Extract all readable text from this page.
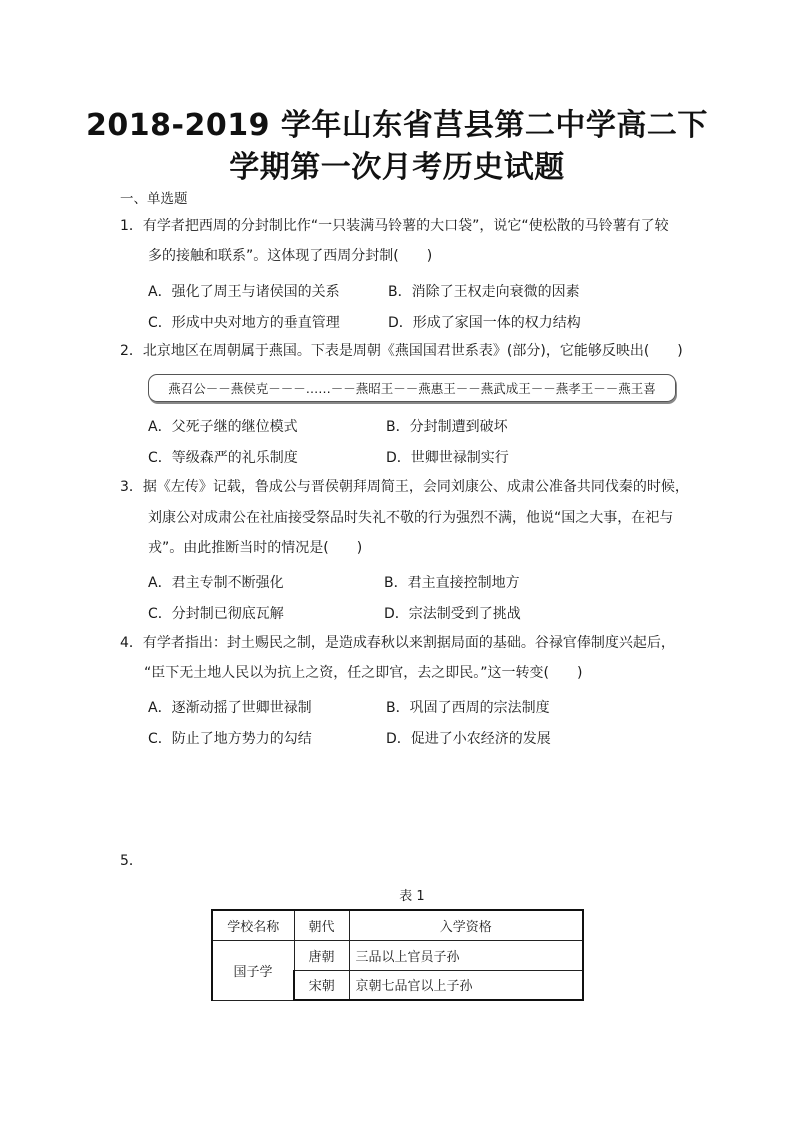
2018-2019 学年山东省莒县第二中学高二下
学期第一次月考历史试题
一、单选题
1．有学者把西周的分封制比作“一只装满马铃薯的大口袋”，说它“使松散的马铃薯有了较
多的接触和联系”。这体现了西周分封制(　　)
A．强化了周王与诸侯国的关系	B．消除了王权走向衰微的因素
C．形成中央对地方的垂直管理	D．形成了家国一体的权力结构
2．北京地区在周朝属于燕国。下表是周朝《燕国国君世系表》(部分)，它能够反映出(　　)
燕召公－－燕侯克－－－……－－燕昭王－－燕惠王－－燕武成王－－燕孝王－－燕王喜
A．父死子继的继位模式	B．分封制遭到破坏
C．等级森严的礼乐制度	D．世卿世禄制实行
3．据《左传》记载，鲁成公与晋侯朝拜周简王，会同刘康公、成肃公准备共同伐秦的时候，
刘康公对成肃公在社庙接受祭品时失礼不敬的行为强烈不满，他说“国之大事，在祀与
戎”。由此推断当时的情况是(　　)
A．君主专制不断强化	B．君主直接控制地方
C．分封制已彻底瓦解	D．宗法制受到了挑战
4．有学者指出：封土赐民之制，是造成春秋以来割据局面的基础。谷禄官俸制度兴起后，
“臣下无土地人民以为抗上之资，任之即官，去之即民。”这一转变(　　)
A．逐渐动摇了世卿世禄制	B．巩固了西周的宗法制度
C．防止了地方势力的勾结	D．促进了小农经济的发展
5．
表 1
学校名称	朝代	入学资格
国子学	唐朝	三品以上官员子孙
	宋朝	京朝七品官以上子孙
